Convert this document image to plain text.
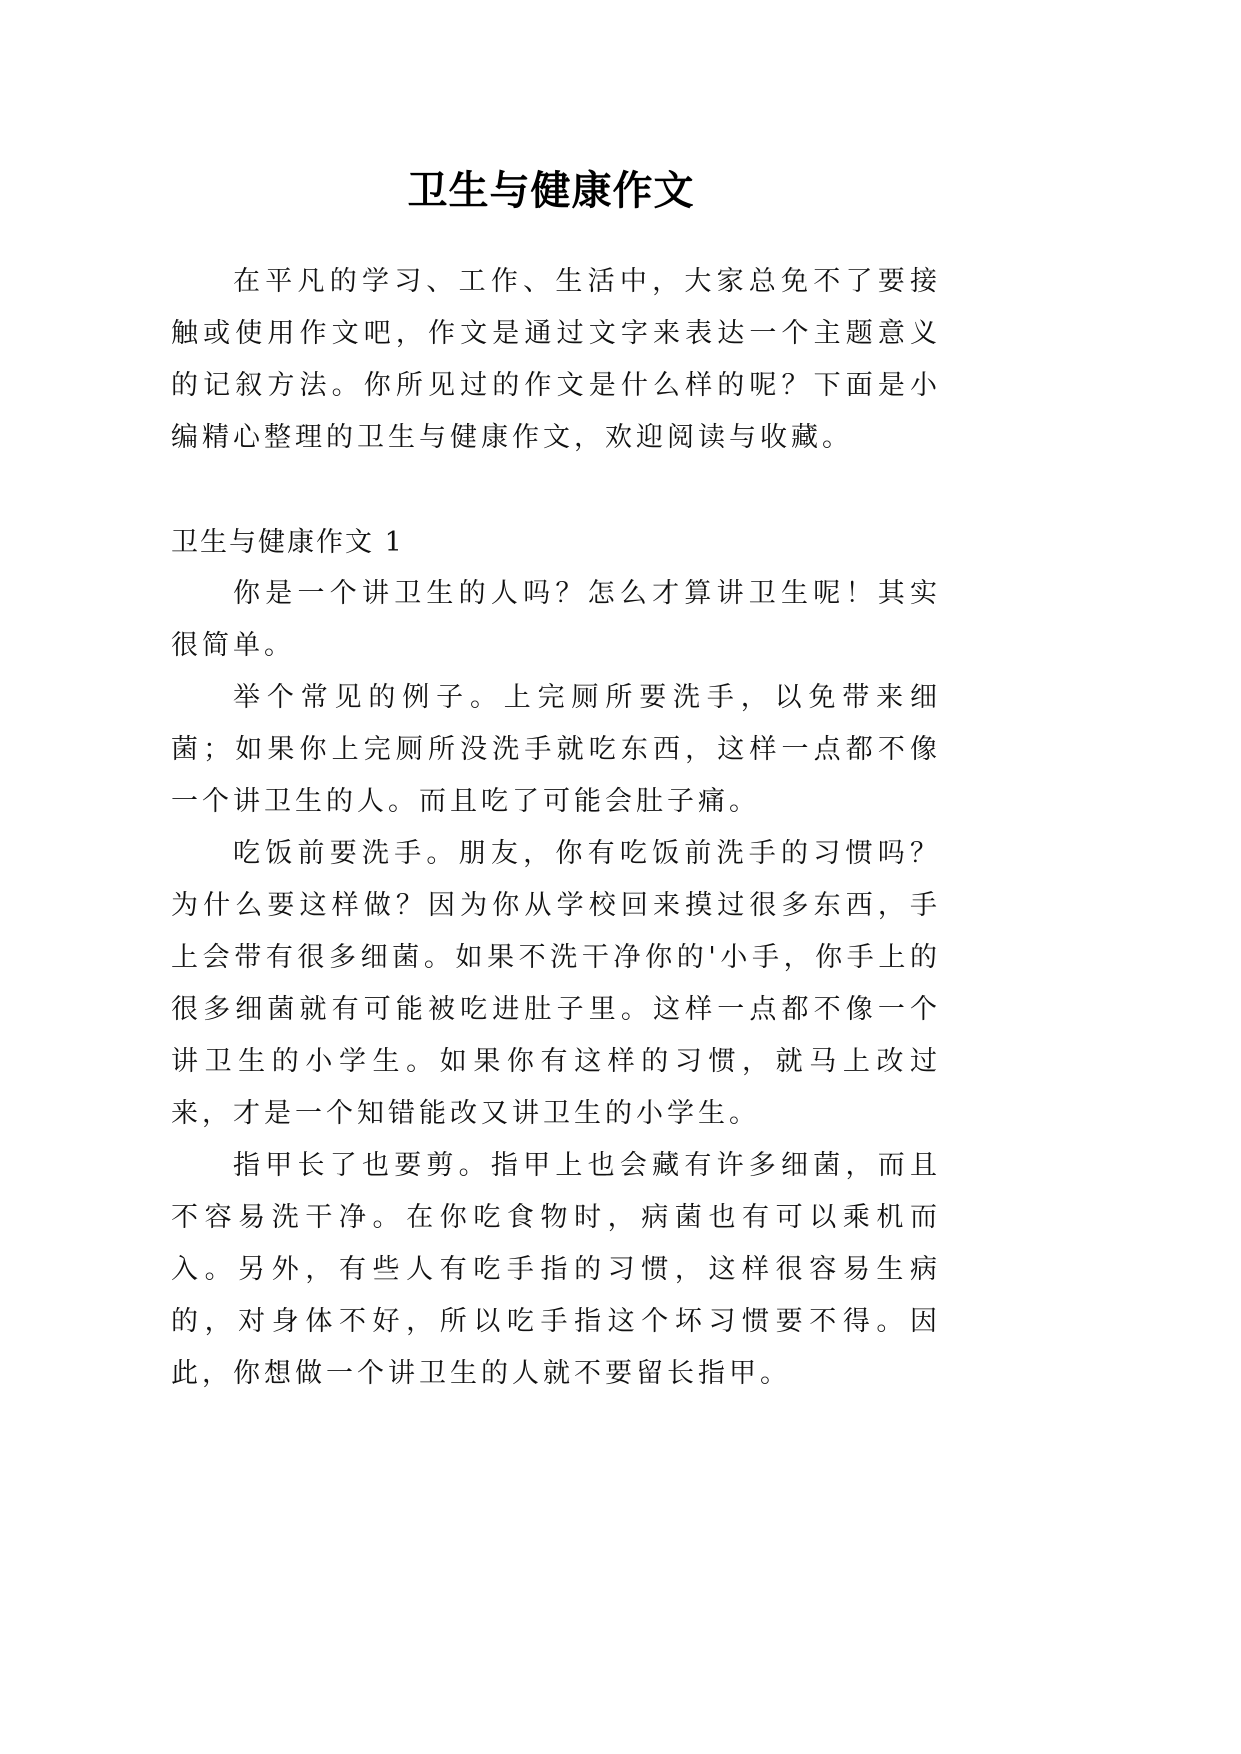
卫生与健康作文

在平凡的学习、工作、生活中，大家总免不了要接触或使用作文吧，作文是通过文字来表达一个主题意义的记叙方法。你所见过的作文是什么样的呢？下面是小编精心整理的卫生与健康作文，欢迎阅读与收藏。

卫生与健康作文 1

你是一个讲卫生的人吗？怎么才算讲卫生呢！其实很简单。

举个常见的例子。上完厕所要洗手，以免带来细菌；如果你上完厕所没洗手就吃东西，这样一点都不像一个讲卫生的人。而且吃了可能会肚子痛。

吃饭前要洗手。朋友，你有吃饭前洗手的习惯吗？为什么要这样做？因为你从学校回来摸过很多东西，手上会带有很多细菌。如果不洗干净你的'小手，你手上的很多细菌就有可能被吃进肚子里。这样一点都不像一个讲卫生的小学生。如果你有这样的习惯，就马上改过来，才是一个知错能改又讲卫生的小学生。

指甲长了也要剪。指甲上也会藏有许多细菌，而且不容易洗干净。在你吃食物时，病菌也有可以乘机而入。另外，有些人有吃手指的习惯，这样很容易生病的，对身体不好，所以吃手指这个坏习惯要不得。因此，你想做一个讲卫生的人就不要留长指甲。
